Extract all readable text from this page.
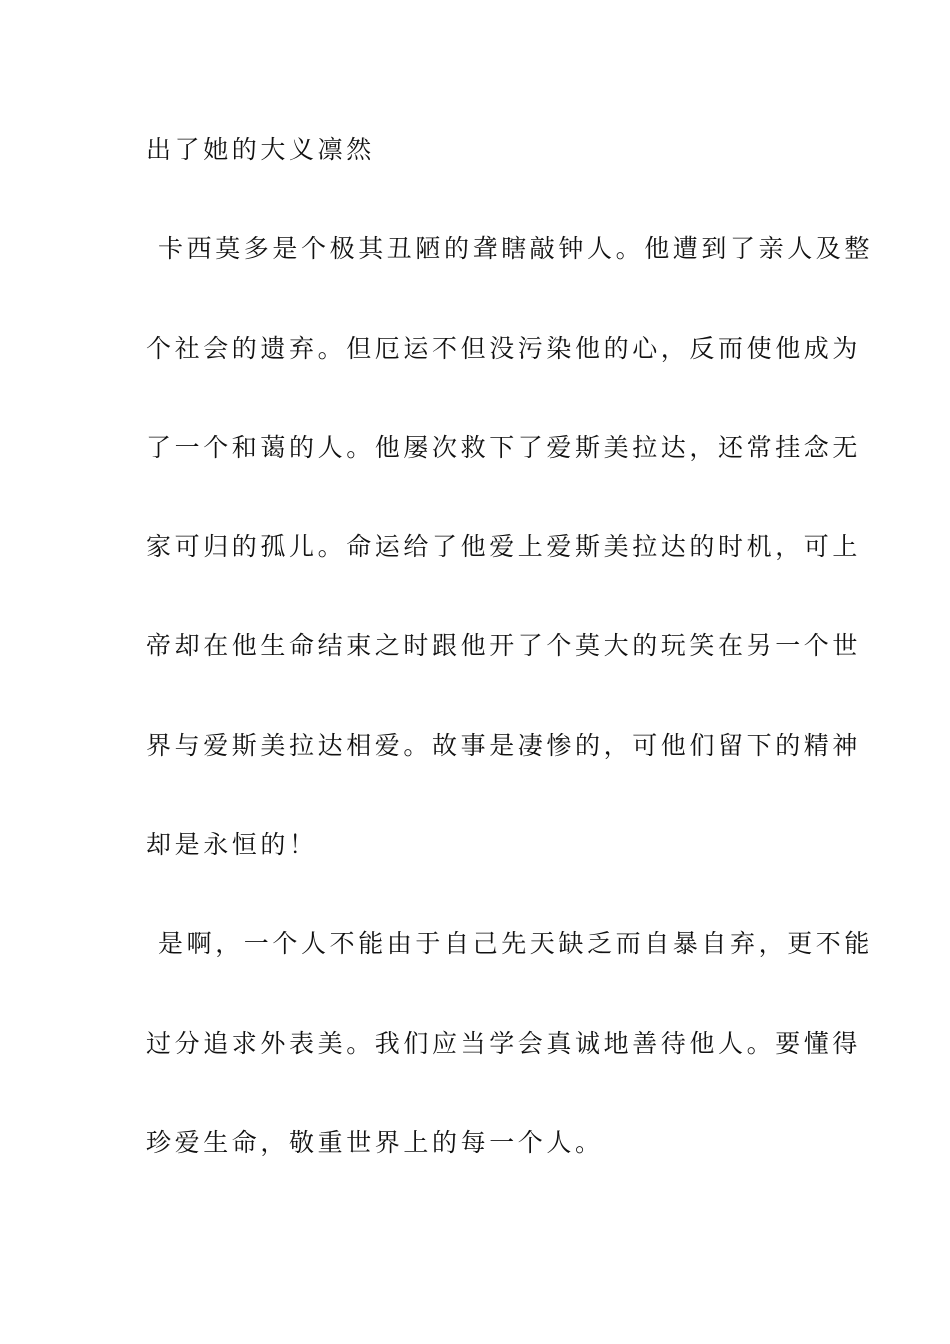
出了她的大义凛然
卡西莫多是个极其丑陋的聋瞎敲钟人。他遭到了亲人及整
个社会的遗弃。但厄运不但没污染他的心，反而使他成为
了一个和蔼的人。他屡次救下了爱斯美拉达，还常挂念无
家可归的孤儿。命运给了他爱上爱斯美拉达的时机，可上
帝却在他生命结束之时跟他开了个莫大的玩笑在另一个世
界与爱斯美拉达相爱。故事是凄惨的，可他们留下的精神
却是永恒的！
是啊，一个人不能由于自己先天缺乏而自暴自弃，更不能
过分追求外表美。我们应当学会真诚地善待他人。要懂得
珍爱生命，敬重世界上的每一个人。
